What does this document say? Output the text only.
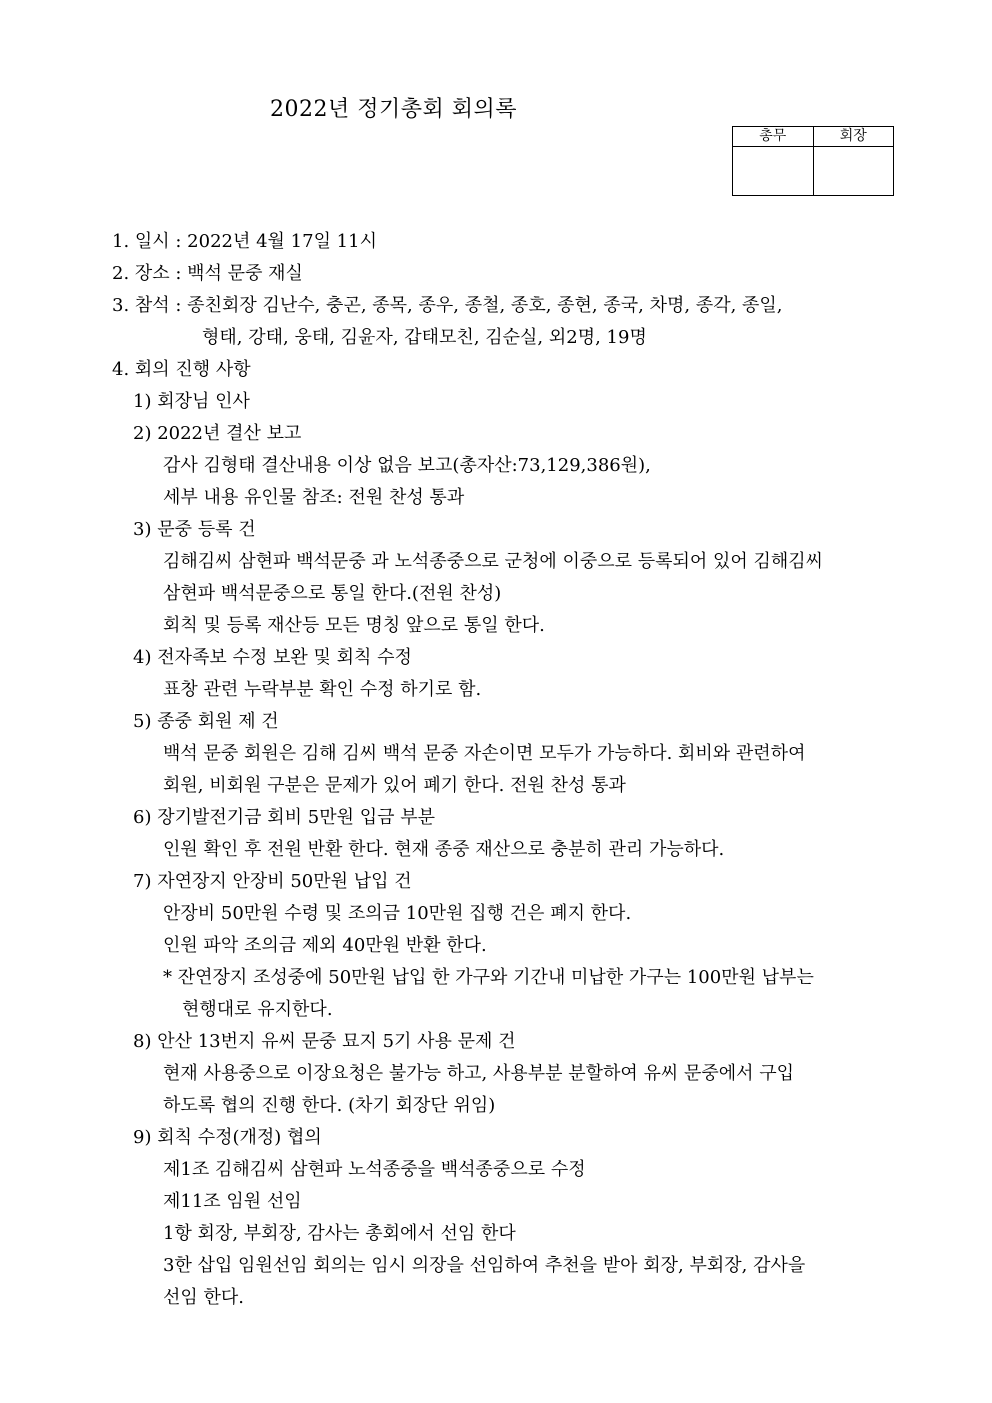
2022년 정기총회 회의록
총무	회장

1. 일시 : 2022년 4월 17일 11시
2. 장소 : 백석 문중 재실
3. 참석 : 종친회장 김난수, 충곤, 종목, 종우, 종철, 종호, 종현, 종국, 차명, 종각, 종일,
형태, 강태, 웅태, 김윤자, 갑태모친, 김순실, 외2명, 19명
4. 회의 진행 사항
1) 회장님 인사
2) 2022년 결산 보고
감사 김형태 결산내용 이상 없음 보고(총자산:73,129,386원),
세부 내용 유인물 참조: 전원 찬성 통과
3) 문중 등록 건
김해김씨 삼현파 백석문중 과 노석종중으로 군청에 이중으로 등록되어 있어 김해김씨
삼현파 백석문중으로 통일 한다.(전원 찬성)
회칙 및 등록 재산등 모든 명칭 앞으로 통일 한다.
4) 전자족보 수정 보완 및 회칙 수정
표창 관련 누락부분 확인 수정 하기로 함.
5) 종중 회원 제 건
백석 문중 회원은 김해 김씨 백석 문중 자손이면 모두가 가능하다. 회비와 관련하여
회원, 비회원 구분은 문제가 있어 폐기 한다. 전원 찬성 통과
6) 장기발전기금 회비 5만원 입금 부분
인원 확인 후 전원 반환 한다. 현재 종중 재산으로 충분히 관리 가능하다.
7) 자연장지 안장비 50만원 납입 건
안장비 50만원 수령 및 조의금 10만원 집행 건은 폐지 한다.
인원 파악 조의금 제외 40만원 반환 한다.
* 잔연장지 조성중에 50만원 납입 한 가구와 기간내 미납한 가구는 100만원 납부는
현행대로 유지한다.
8) 안산 13번지 유씨 문중 묘지 5기 사용 문제 건
현재 사용중으로 이장요청은 불가능 하고, 사용부분 분할하여 유씨 문중에서 구입
하도록 협의 진행 한다. (차기 회장단 위임)
9) 회칙 수정(개정) 협의
제1조 김해김씨 삼현파 노석종중을 백석종중으로 수정
제11조 임원 선임
1항 회장, 부회장, 감사는 총회에서 선임 한다
3한 삽입 임원선임 회의는 임시 의장을 선임하여 추천을 받아 회장, 부회장, 감사을
선임 한다.
